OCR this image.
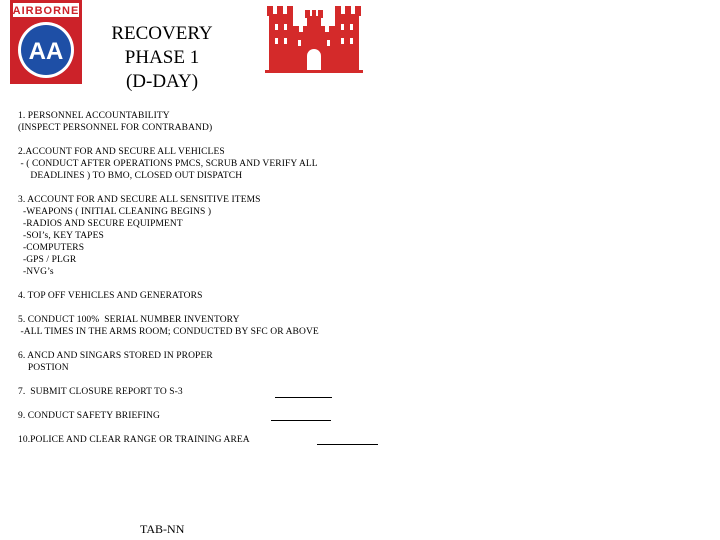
AIRBORNE
AA
RECOVERY
PHASE 1
(D-DAY)
1. PERSONNEL ACCOUNTABILITY
(INSPECT PERSONNEL FOR CONTRABAND)
2.ACCOUNT FOR AND SECURE ALL VEHICLES
- ( CONDUCT AFTER OPERATIONS PMCS, SCRUB AND VERIFY ALL
DEADLINES ) TO BMO, CLOSED OUT DISPATCH
3. ACCOUNT FOR AND SECURE ALL SENSITIVE ITEMS
-WEAPONS ( INITIAL CLEANING BEGINS )
-RADIOS AND SECURE EQUIPMENT
-SOI’s, KEY TAPES
-COMPUTERS
-GPS / PLGR
-NVG’s
4. TOP OFF VEHICLES AND GENERATORS
5. CONDUCT 100%  SERIAL NUMBER INVENTORY
-ALL TIMES IN THE ARMS ROOM; CONDUCTED BY SFC OR ABOVE
6. ANCD AND SINGARS STORED IN PROPER
POSTION
7.  SUBMIT CLOSURE REPORT TO S-3
9. CONDUCT SAFETY BRIEFING
10.POLICE AND CLEAR RANGE OR TRAINING AREA
TAB-NN
